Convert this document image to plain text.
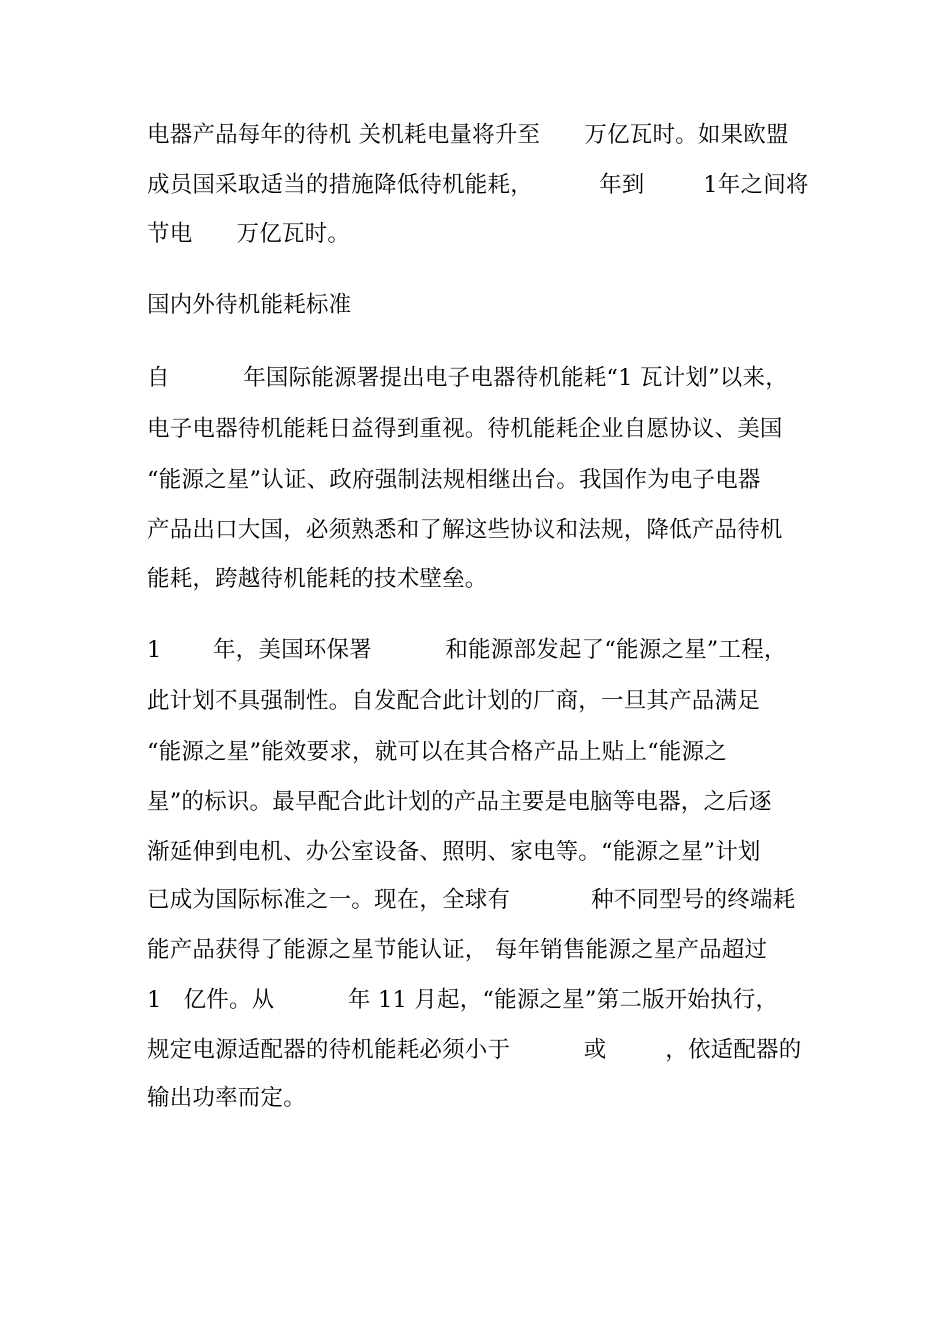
电器产品每年的待机 关机耗电量将升至      万亿瓦时。如果欧盟
成员国采取适当的措施降低待机能耗，         年到        1年之间将
节电      万亿瓦时。
国内外待机能耗标准
自          年国际能源署提出电子电器待机能耗“1 瓦计划”以来，
电子电器待机能耗日益得到重视。待机能耗企业自愿协议、美国
“能源之星”认证、政府强制法规相继出台。我国作为电子电器
产品出口大国，必须熟悉和了解这些协议和法规，降低产品待机
能耗，跨越待机能耗的技术壁垒。
1       年，美国环保署          和能源部发起了“能源之星”工程，
此计划不具强制性。自发配合此计划的厂商，一旦其产品满足
“能源之星”能效要求，就可以在其合格产品上贴上“能源之
星”的标识。最早配合此计划的产品主要是电脑等电器，之后逐
渐延伸到电机、办公室设备、照明、家电等。“能源之星”计划
已成为国际标准之一。现在，全球有           种不同型号的终端耗
能产品获得了能源之星节能认证， 每年销售能源之星产品超过
1   亿件。从          年 11 月起，“能源之星”第二版开始执行，
规定电源适配器的待机能耗必须小于          或        ，依适配器的
输出功率而定。
